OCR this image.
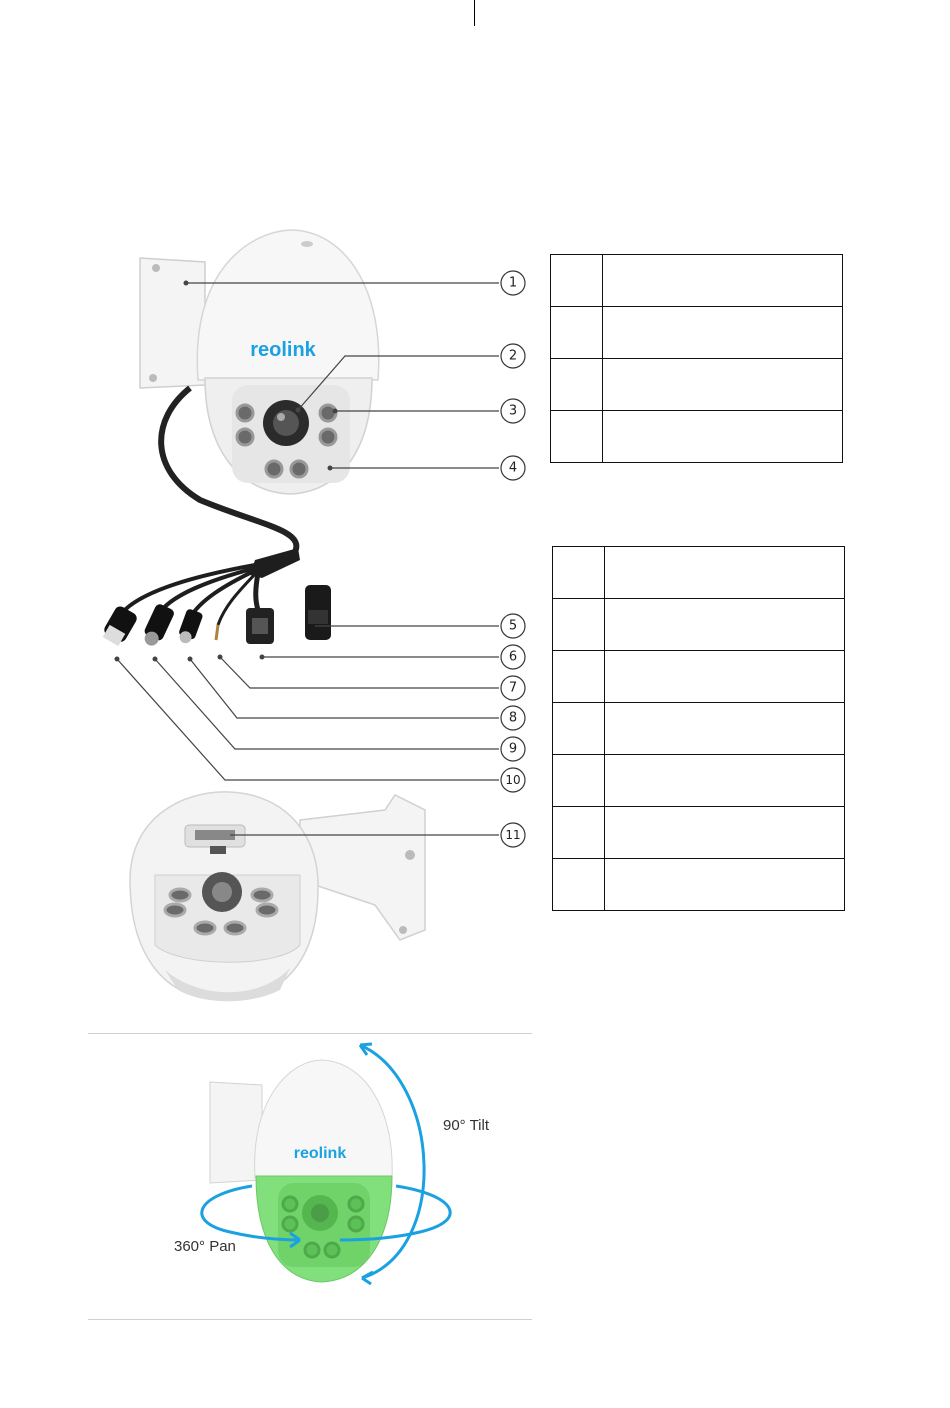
reolink
1
2
3
4
5
6
7
8
9
10
11
reolink

90° Tilt
360° Pan
